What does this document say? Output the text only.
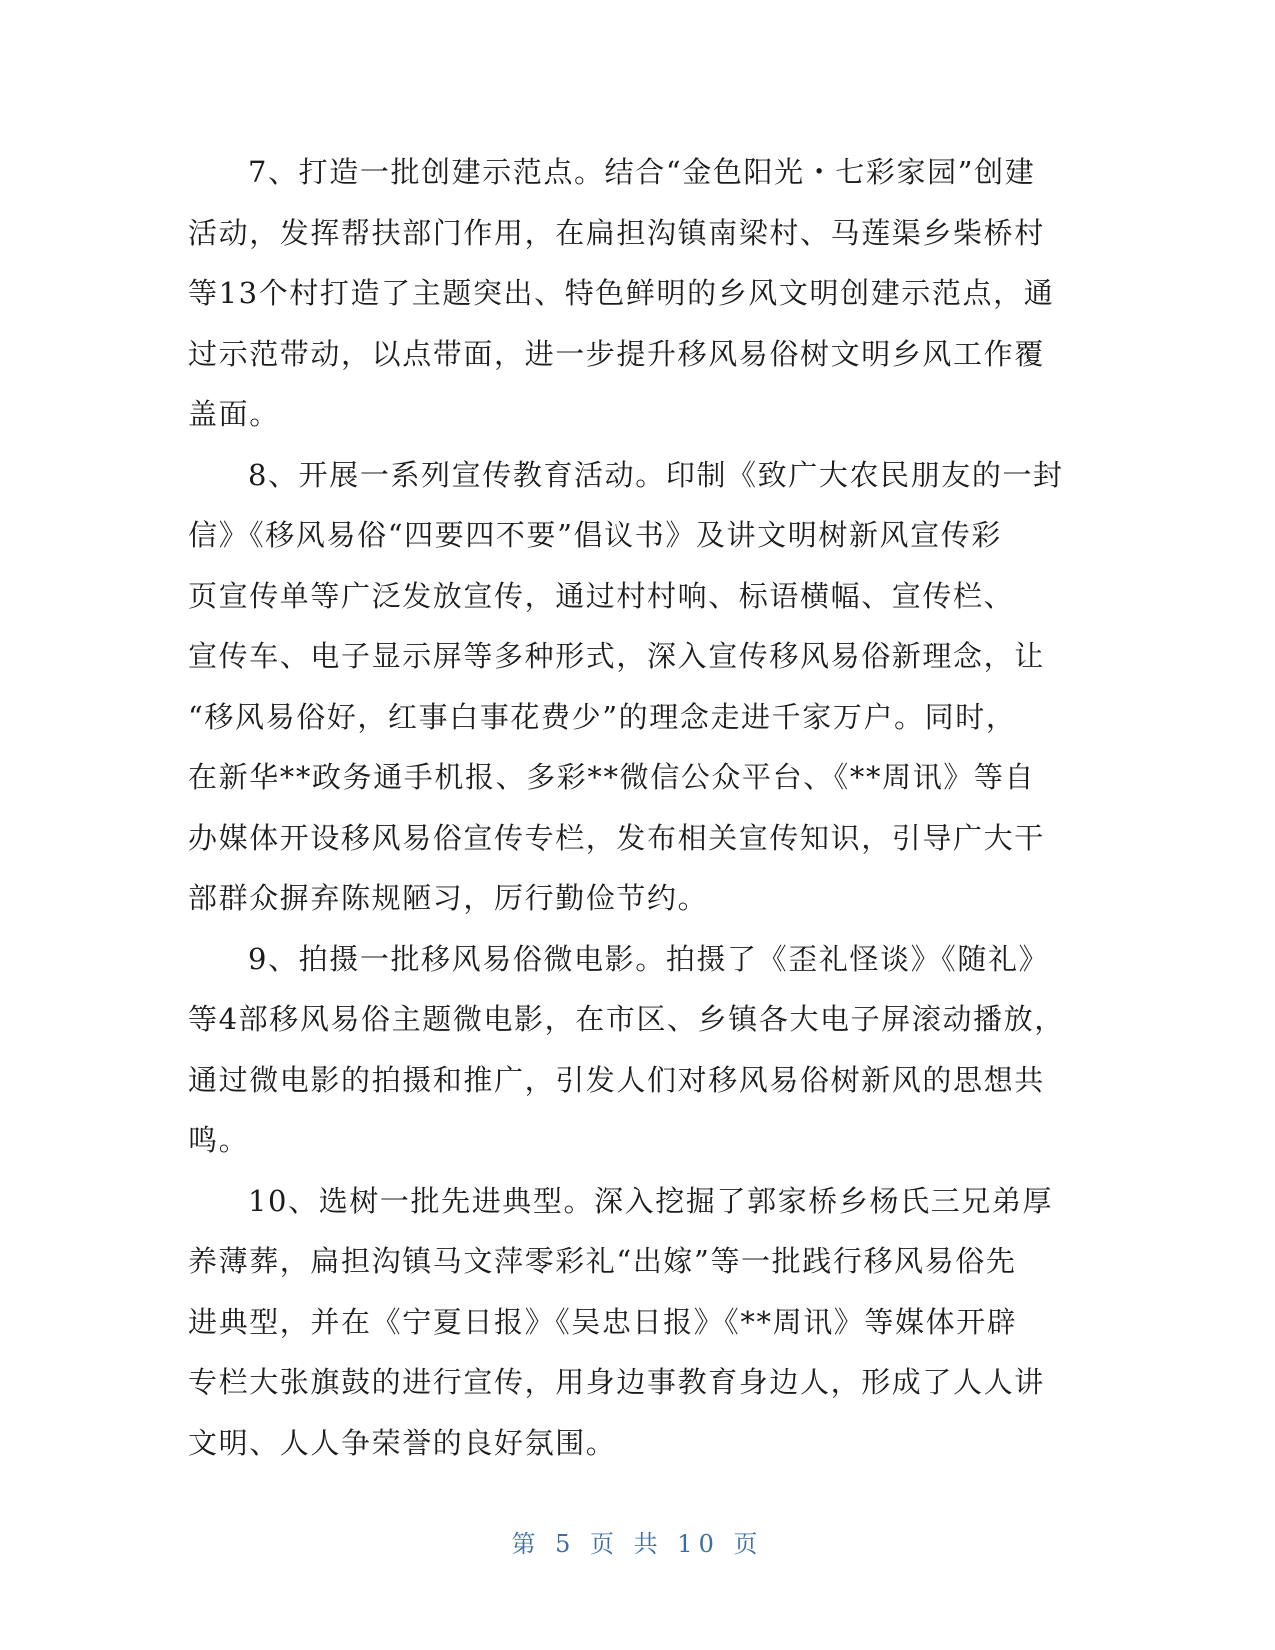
7、打造一批创建示范点。结合“金色阳光・七彩家园”创建
活动，发挥帮扶部门作用，在扁担沟镇南梁村、马莲渠乡柴桥村
等13个村打造了主题突出、特色鲜明的乡风文明创建示范点，通
过示范带动，以点带面，进一步提升移风易俗树文明乡风工作覆
盖面。
8、开展一系列宣传教育活动。印制《致广大农民朋友的一封
信》《移风易俗“四要四不要”倡议书》及讲文明树新风宣传彩
页宣传单等广泛发放宣传，通过村村响、标语横幅、宣传栏、
宣传车、电子显示屏等多种形式，深入宣传移风易俗新理念，让
“移风易俗好，红事白事花费少”的理念走进千家万户。同时，
在新华**政务通手机报、多彩**微信公众平台、《**周讯》等自
办媒体开设移风易俗宣传专栏，发布相关宣传知识，引导广大干
部群众摒弃陈规陋习，厉行勤俭节约。
9、拍摄一批移风易俗微电影。拍摄了《歪礼怪谈》《随礼》
等4部移风易俗主题微电影，在市区、乡镇各大电子屏滚动播放，
通过微电影的拍摄和推广，引发人们对移风易俗树新风的思想共
鸣。
10、选树一批先进典型。深入挖掘了郭家桥乡杨氏三兄弟厚
养薄葬，扁担沟镇马文萍零彩礼“出嫁”等一批践行移风易俗先
进典型，并在《宁夏日报》《吴忠日报》《**周讯》等媒体开辟
专栏大张旗鼓的进行宣传，用身边事教育身边人，形成了人人讲
文明、人人争荣誉的良好氛围。
第 5 页 共 10 页
